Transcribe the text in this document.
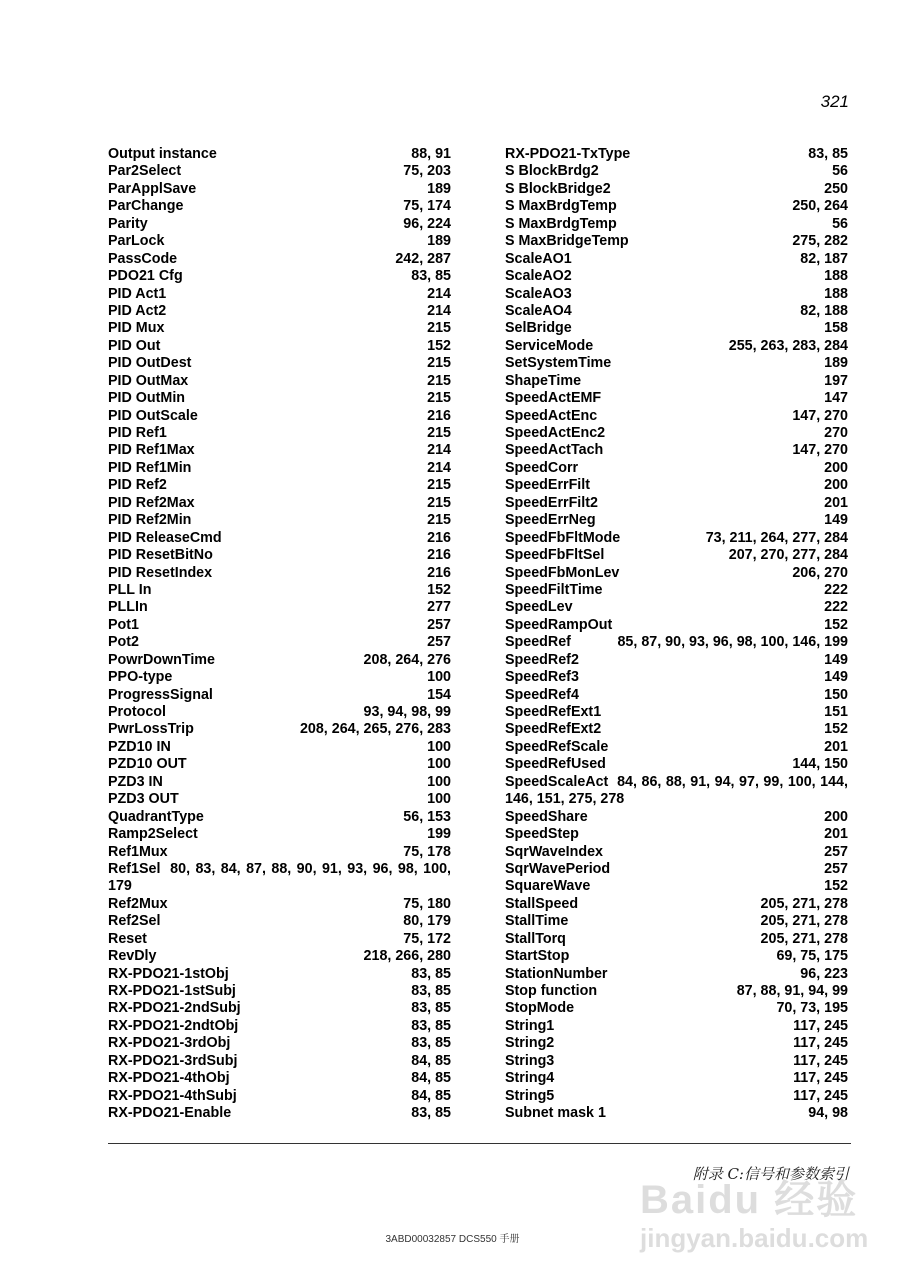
321
Output instance	88, 91
Par2Select	75, 203
ParApplSave	189
ParChange	75, 174
Parity	96, 224
ParLock	189
PassCode	242, 287
PDO21 Cfg	83, 85
PID Act1	214
PID Act2	214
PID Mux	215
PID Out	152
PID OutDest	215
PID OutMax	215
PID OutMin	215
PID OutScale	216
PID Ref1	215
PID Ref1Max	214
PID Ref1Min	214
PID Ref2	215
PID Ref2Max	215
PID Ref2Min	215
PID ReleaseCmd	216
PID ResetBitNo	216
PID ResetIndex	216
PLL In	152
PLLIn	277
Pot1	257
Pot2	257
PowrDownTime	208, 264, 276
PPO-type	100
ProgressSignal	154
Protocol	93, 94, 98, 99
PwrLossTrip	208, 264, 265, 276, 283
PZD10 IN	100
PZD10 OUT	100
PZD3 IN	100
PZD3 OUT	100
QuadrantType	56, 153
Ramp2Select	199
Ref1Mux	75, 178
Ref1Sel 80, 83, 84, 87, 88, 90, 91, 93, 96, 98, 100, 179
Ref2Mux	75, 180
Ref2Sel	80, 179
Reset	75, 172
RevDly	218, 266, 280
RX-PDO21-1stObj	83, 85
RX-PDO21-1stSubj	83, 85
RX-PDO21-2ndSubj	83, 85
RX-PDO21-2ndtObj	83, 85
RX-PDO21-3rdObj	83, 85
RX-PDO21-3rdSubj	84, 85
RX-PDO21-4thObj	84, 85
RX-PDO21-4thSubj	84, 85
RX-PDO21-Enable	83, 85
RX-PDO21-TxType	83, 85
S BlockBrdg2	56
S BlockBridge2	250
S MaxBrdgTemp	250, 264
S MaxBrdgTemp	56
S MaxBridgeTemp	275, 282
ScaleAO1	82, 187
ScaleAO2	188
ScaleAO3	188
ScaleAO4	82, 188
SelBridge	158
ServiceMode	255, 263, 283, 284
SetSystemTime	189
ShapeTime	197
SpeedActEMF	147
SpeedActEnc	147, 270
SpeedActEnc2	270
SpeedActTach	147, 270
SpeedCorr	200
SpeedErrFilt	200
SpeedErrFilt2	201
SpeedErrNeg	149
SpeedFbFltMode	73, 211, 264, 277, 284
SpeedFbFltSel	207, 270, 277, 284
SpeedFbMonLev	206, 270
SpeedFiltTime	222
SpeedLev	222
SpeedRampOut	152
SpeedRef	85, 87, 90, 93, 96, 98, 100, 146, 199
SpeedRef2	149
SpeedRef3	149
SpeedRef4	150
SpeedRefExt1	151
SpeedRefExt2	152
SpeedRefScale	201
SpeedRefUsed	144, 150
SpeedScaleAct 84, 86, 88, 91, 94, 97, 99, 100, 144, 146, 151, 275, 278
SpeedShare	200
SpeedStep	201
SqrWaveIndex	257
SqrWavePeriod	257
SquareWave	152
StallSpeed	205, 271, 278
StallTime	205, 271, 278
StallTorq	205, 271, 278
StartStop	69, 75, 175
StationNumber	96, 223
Stop function	87, 88, 91, 94, 99
StopMode	70, 73, 195
String1	117, 245
String2	117, 245
String3	117, 245
String4	117, 245
String5	117, 245
Subnet mask 1	94, 98
Baidu 经验
jingyan.baidu.com
附录 C:信号和参数索引
3ABD00032857 DCS550 手册
